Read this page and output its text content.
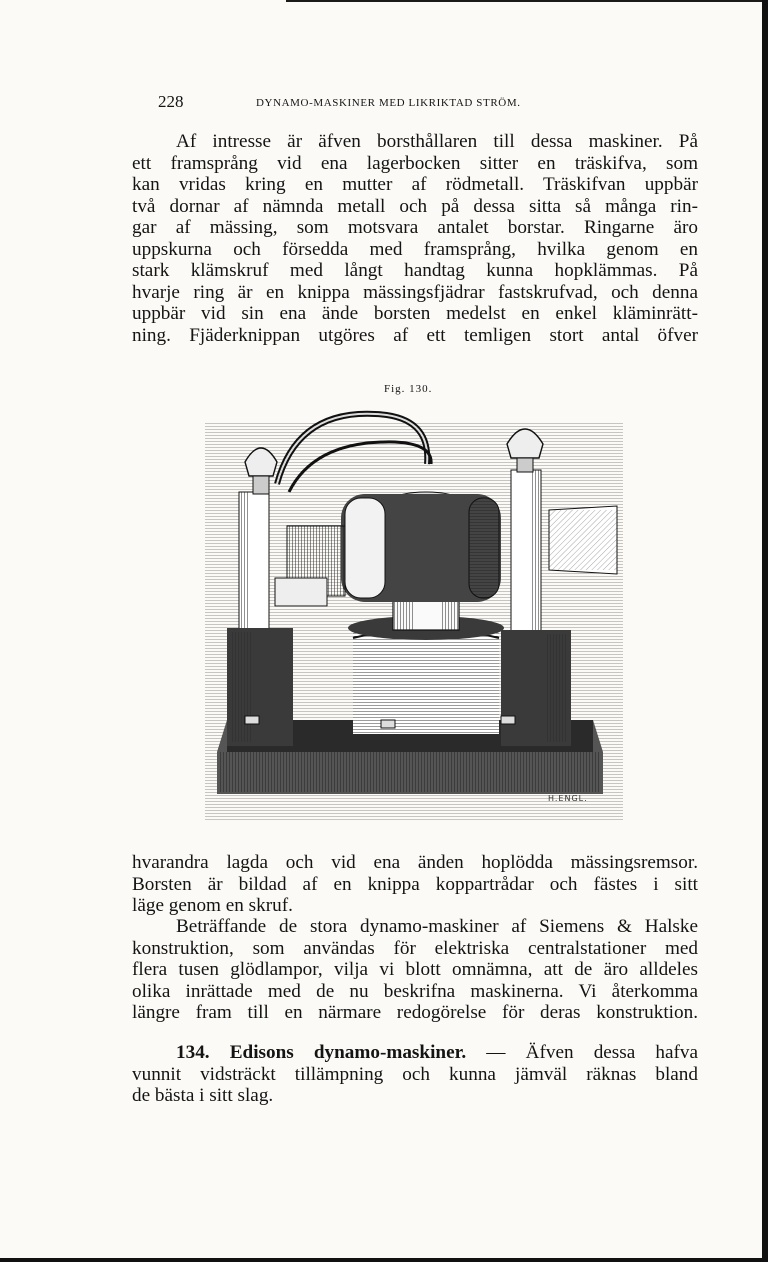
228	DYNAMO-MASKINER MED LIKRIKTAD STRÖM.
Af intresse är äfven borsthållaren till dessa maskiner. På
ett framsprång vid ena lagerbocken sitter en träskifva, som
kan vridas kring en mutter af rödmetall. Träskifvan uppbär
två dornar af nämnda metall och på dessa sitta så många rin-
gar af mässing, som motsvara antalet borstar. Ringarne äro
uppskurna och försedda med framsprång, hvilka genom en
stark klämskruf med långt handtag kunna hopklämmas. På
hvarje ring är en knippa mässingsfjädrar fastskrufvad, och denna
uppbär vid sin ena ände borsten medelst en enkel kläminrätt-
ning. Fjäderknippan utgöres af ett temligen stort antal öfver
Fig. 130.
H.ENGL.
hvarandra lagda och vid ena änden hoplödda mässingsremsor.
Borsten är bildad af en knippa koppartrådar och fästes i sitt
läge genom en skruf.
Beträffande de stora dynamo-maskiner af Siemens & Halske
konstruktion, som användas för elektriska centralstationer med
flera tusen glödlampor, vilja vi blott omnämna, att de äro alldeles
olika inrättade med de nu beskrifna maskinerna. Vi återkomma
längre fram till en närmare redogörelse för deras konstruktion.
134. Edisons dynamo-maskiner. — Äfven dessa hafva
vunnit vidsträckt tillämpning och kunna jämväl räknas bland
de bästa i sitt slag.
